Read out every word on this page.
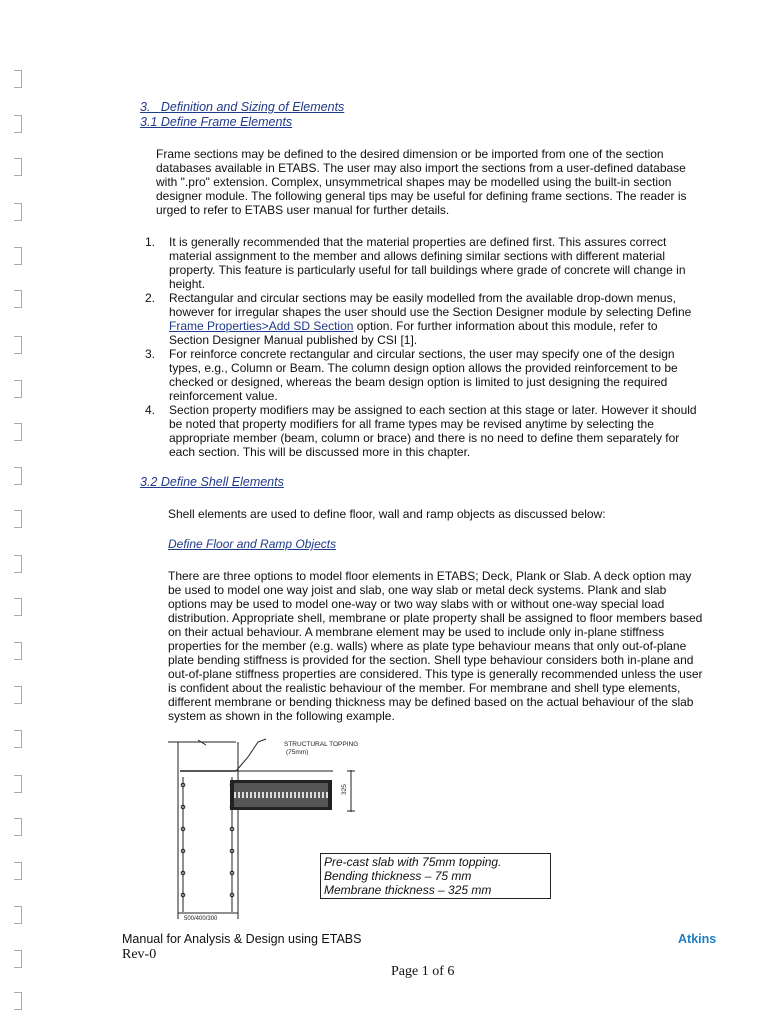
3. Definition and Sizing of Elements
3.1 Define Frame Elements
Frame sections may be defined to the desired dimension or be imported from one of the section databases available in ETABS. The user may also import the sections from a user-defined database with ".pro" extension. Complex, unsymmetrical shapes may be modelled using the built-in section designer module. The following general tips may be useful for defining frame sections. The reader is urged to refer to ETABS user manual for further details.
1. It is generally recommended that the material properties are defined first. This assures correct material assignment to the member and allows defining similar sections with different material property. This feature is particularly useful for tall buildings where grade of concrete will change in height.
2. Rectangular and circular sections may be easily modelled from the available drop-down menus, however for irregular shapes the user should use the Section Designer module by selecting Define Frame Properties>Add SD Section option. For further information about this module, refer to Section Designer Manual published by CSI [1].
3. For reinforce concrete rectangular and circular sections, the user may specify one of the design types, e.g., Column or Beam. The column design option allows the provided reinforcement to be checked or designed, whereas the beam design option is limited to just designing the required reinforcement value.
4. Section property modifiers may be assigned to each section at this stage or later. However it should be noted that property modifiers for all frame types may be revised anytime by selecting the appropriate member (beam, column or brace) and there is no need to define them separately for each section. This will be discussed more in this chapter.
3.2 Define Shell Elements
Shell elements are used to define floor, wall and ramp objects as discussed below:
Define Floor and Ramp Objects
There are three options to model floor elements in ETABS; Deck, Plank or Slab. A deck option may be used to model one way joist and slab, one way slab or metal deck systems. Plank and slab options may be used to model one-way or two way slabs with or without one-way special load distribution. Appropriate shell, membrane or plate property shall be assigned to floor members based on their actual behaviour. A membrane element may be used to include only in-plane stiffness properties for the member (e.g. walls) where as plate type behaviour means that only out-of-plane plate bending stiffness is provided for the section. Shell type behaviour considers both in-plane and out-of-plane stiffness properties are considered. This type is generally recommended unless the user is confident about the realistic behaviour of the member. For membrane and shell type elements, different membrane or bending thickness may be defined based on the actual behaviour of the slab system as shown in the following example.
STRUCTURAL TOPPING
(75mm)
325
500/400/300
Pre-cast slab with 75mm topping.
Bending thickness – 75 mm
Membrane thickness – 325 mm
Manual for Analysis & Design using ETABS
Rev-0
Atkins
Page 1 of 6
